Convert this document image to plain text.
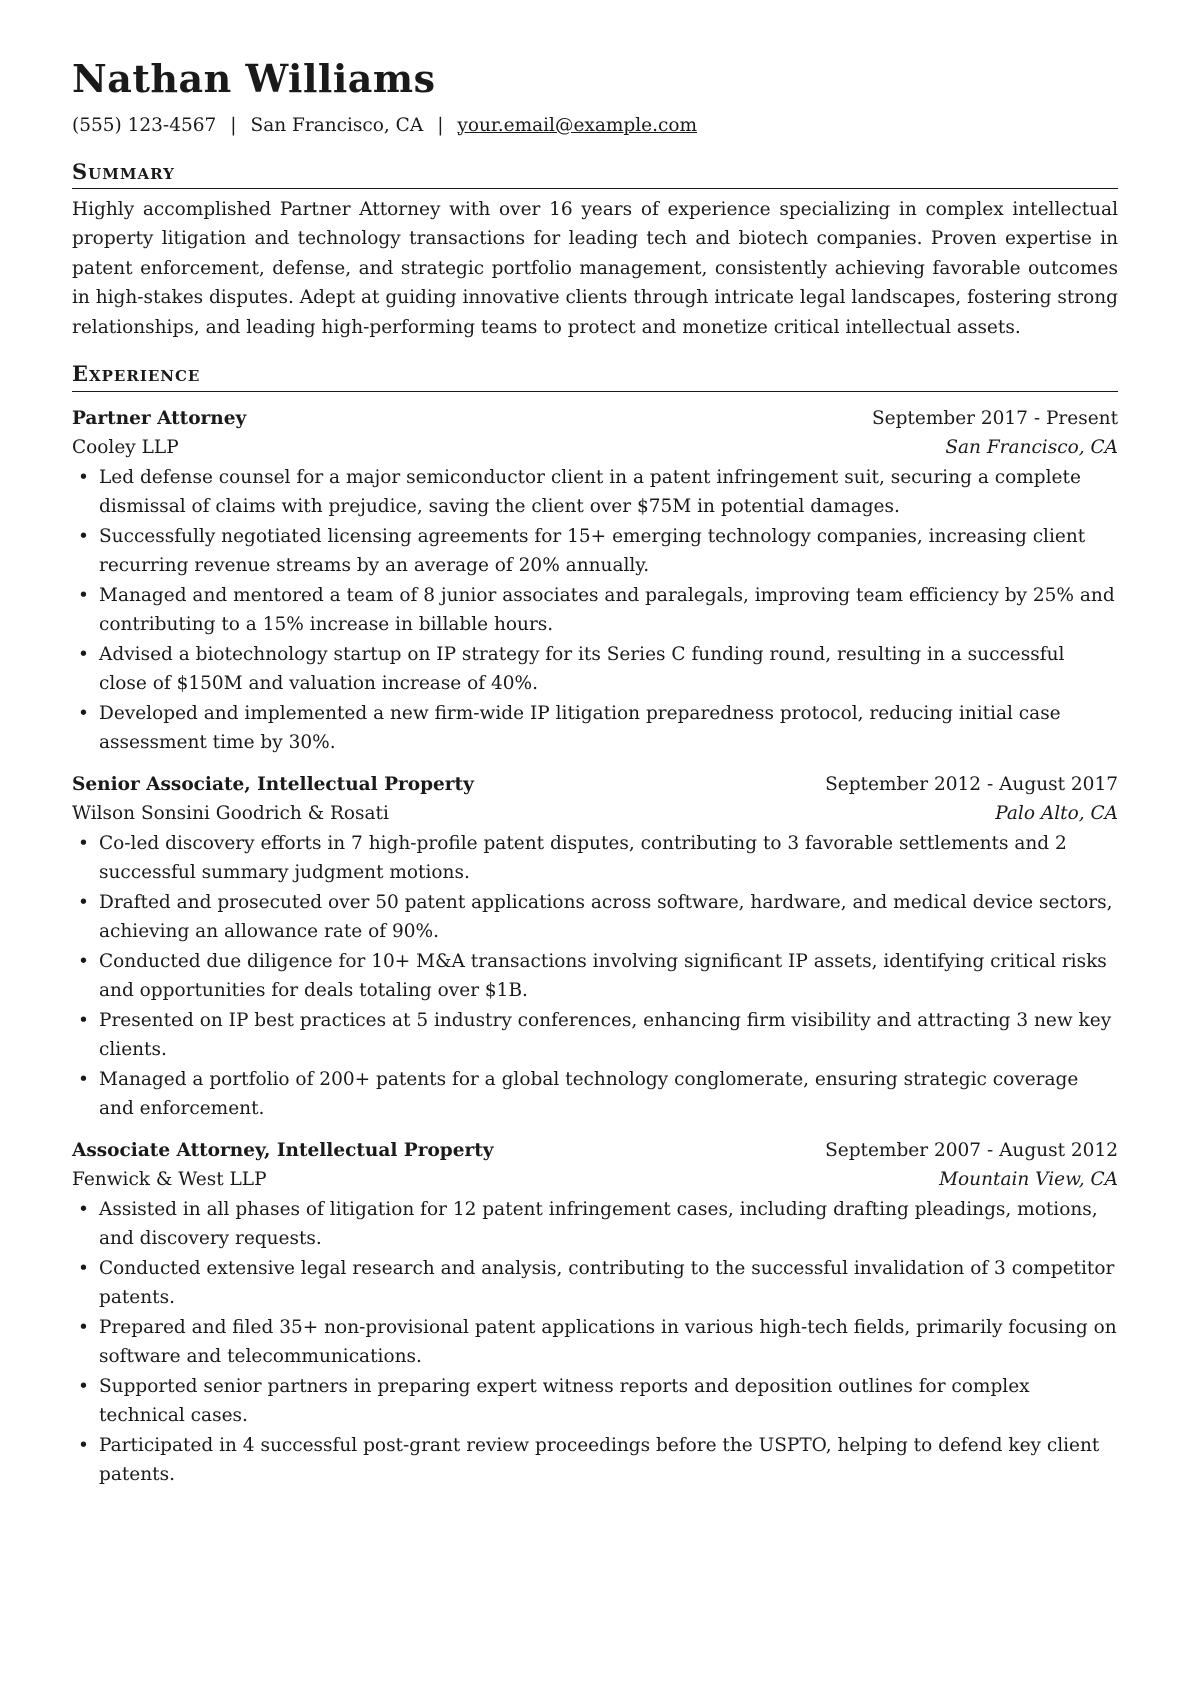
Nathan Williams
(555) 123-4567 | San Francisco, CA | your.email@example.com
Summary

Highly accomplished Partner Attorney with over 16 years of experience specializing in complex intellectual property litigation and technology transactions for leading tech and biotech companies. Proven expertise in patent enforcement, defense, and strategic portfolio management, consistently achieving favorable outcomes in high-stakes disputes. Adept at guiding innovative clients through intricate legal landscapes, fostering strong relationships, and leading high-performing teams to protect and monetize critical intellectual assets.

Experience
Partner Attorney	September 2017 - Present
Cooley LLP	San Francisco, CA
• Led defense counsel for a major semiconductor client in a patent infringement suit, securing a complete dismissal of claims with prejudice, saving the client over $75M in potential damages.
• Successfully negotiated licensing agreements for 15+ emerging technology companies, increasing client recurring revenue streams by an average of 20% annually.
• Managed and mentored a team of 8 junior associates and paralegals, improving team efficiency by 25% and contributing to a 15% increase in billable hours.
• Advised a biotechnology startup on IP strategy for its Series C funding round, resulting in a successful close of $150M and valuation increase of 40%.
• Developed and implemented a new firm-wide IP litigation preparedness protocol, reducing initial case assessment time by 30%.
Senior Associate, Intellectual Property	September 2012 - August 2017
Wilson Sonsini Goodrich & Rosati	Palo Alto, CA
• Co-led discovery efforts in 7 high-profile patent disputes, contributing to 3 favorable settlements and 2 successful summary judgment motions.
• Drafted and prosecuted over 50 patent applications across software, hardware, and medical device sectors, achieving an allowance rate of 90%.
• Conducted due diligence for 10+ M&A transactions involving significant IP assets, identifying critical risks and opportunities for deals totaling over $1B.
• Presented on IP best practices at 5 industry conferences, enhancing firm visibility and attracting 3 new key clients.
• Managed a portfolio of 200+ patents for a global technology conglomerate, ensuring strategic coverage and enforcement.
Associate Attorney, Intellectual Property	September 2007 - August 2012
Fenwick & West LLP	Mountain View, CA
• Assisted in all phases of litigation for 12 patent infringement cases, including drafting pleadings, motions, and discovery requests.
• Conducted extensive legal research and analysis, contributing to the successful invalidation of 3 competitor patents.
• Prepared and filed 35+ non-provisional patent applications in various high-tech fields, primarily focusing on software and telecommunications.
• Supported senior partners in preparing expert witness reports and deposition outlines for complex technical cases.
• Participated in 4 successful post-grant review proceedings before the USPTO, helping to defend key client patents.
